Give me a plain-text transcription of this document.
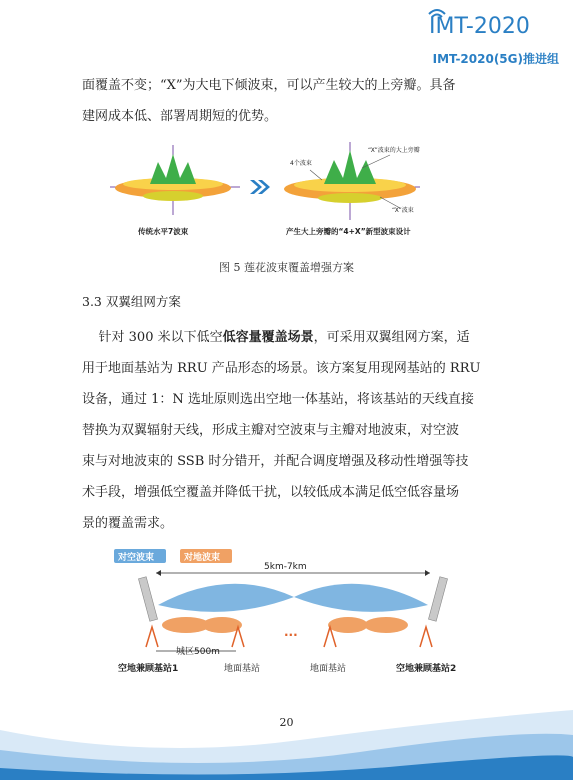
IMT-2020
IMT-2020(5G)推进组
面覆盖不变；“X”为大电下倾波束，可以产生较大的上旁瓣。具备
建网成本低、部署周期短的优势。
4个波束
“X”波束的大上旁瓣
“X”波束
传统水平7波束	产生大上旁瓣的“4+X”新型波束设计
图 5 莲花波束覆盖增强方案
3.3 双翼组网方案
针对 300 米以下低空低容量覆盖场景，可采用双翼组网方案，适
用于地面基站为 RRU 产品形态的场景。该方案复用现网基站的 RRU
设备，通过 1：N 选址原则选出空地一体基站，将该基站的天线直接
替换为双翼辐射天线，形成主瓣对空波束与主瓣对地波束，对空波
束与对地波束的 SSB 时分错开，并配合调度增强及移动性增强等技
术手段，增强低空覆盖并降低干扰，以较低成本满足低空低容量场
景的覆盖需求。
对空波束	对地波束
5km-7km
···
城区500m
空地兼顾基站1	地面基站	地面基站	空地兼顾基站2
20
